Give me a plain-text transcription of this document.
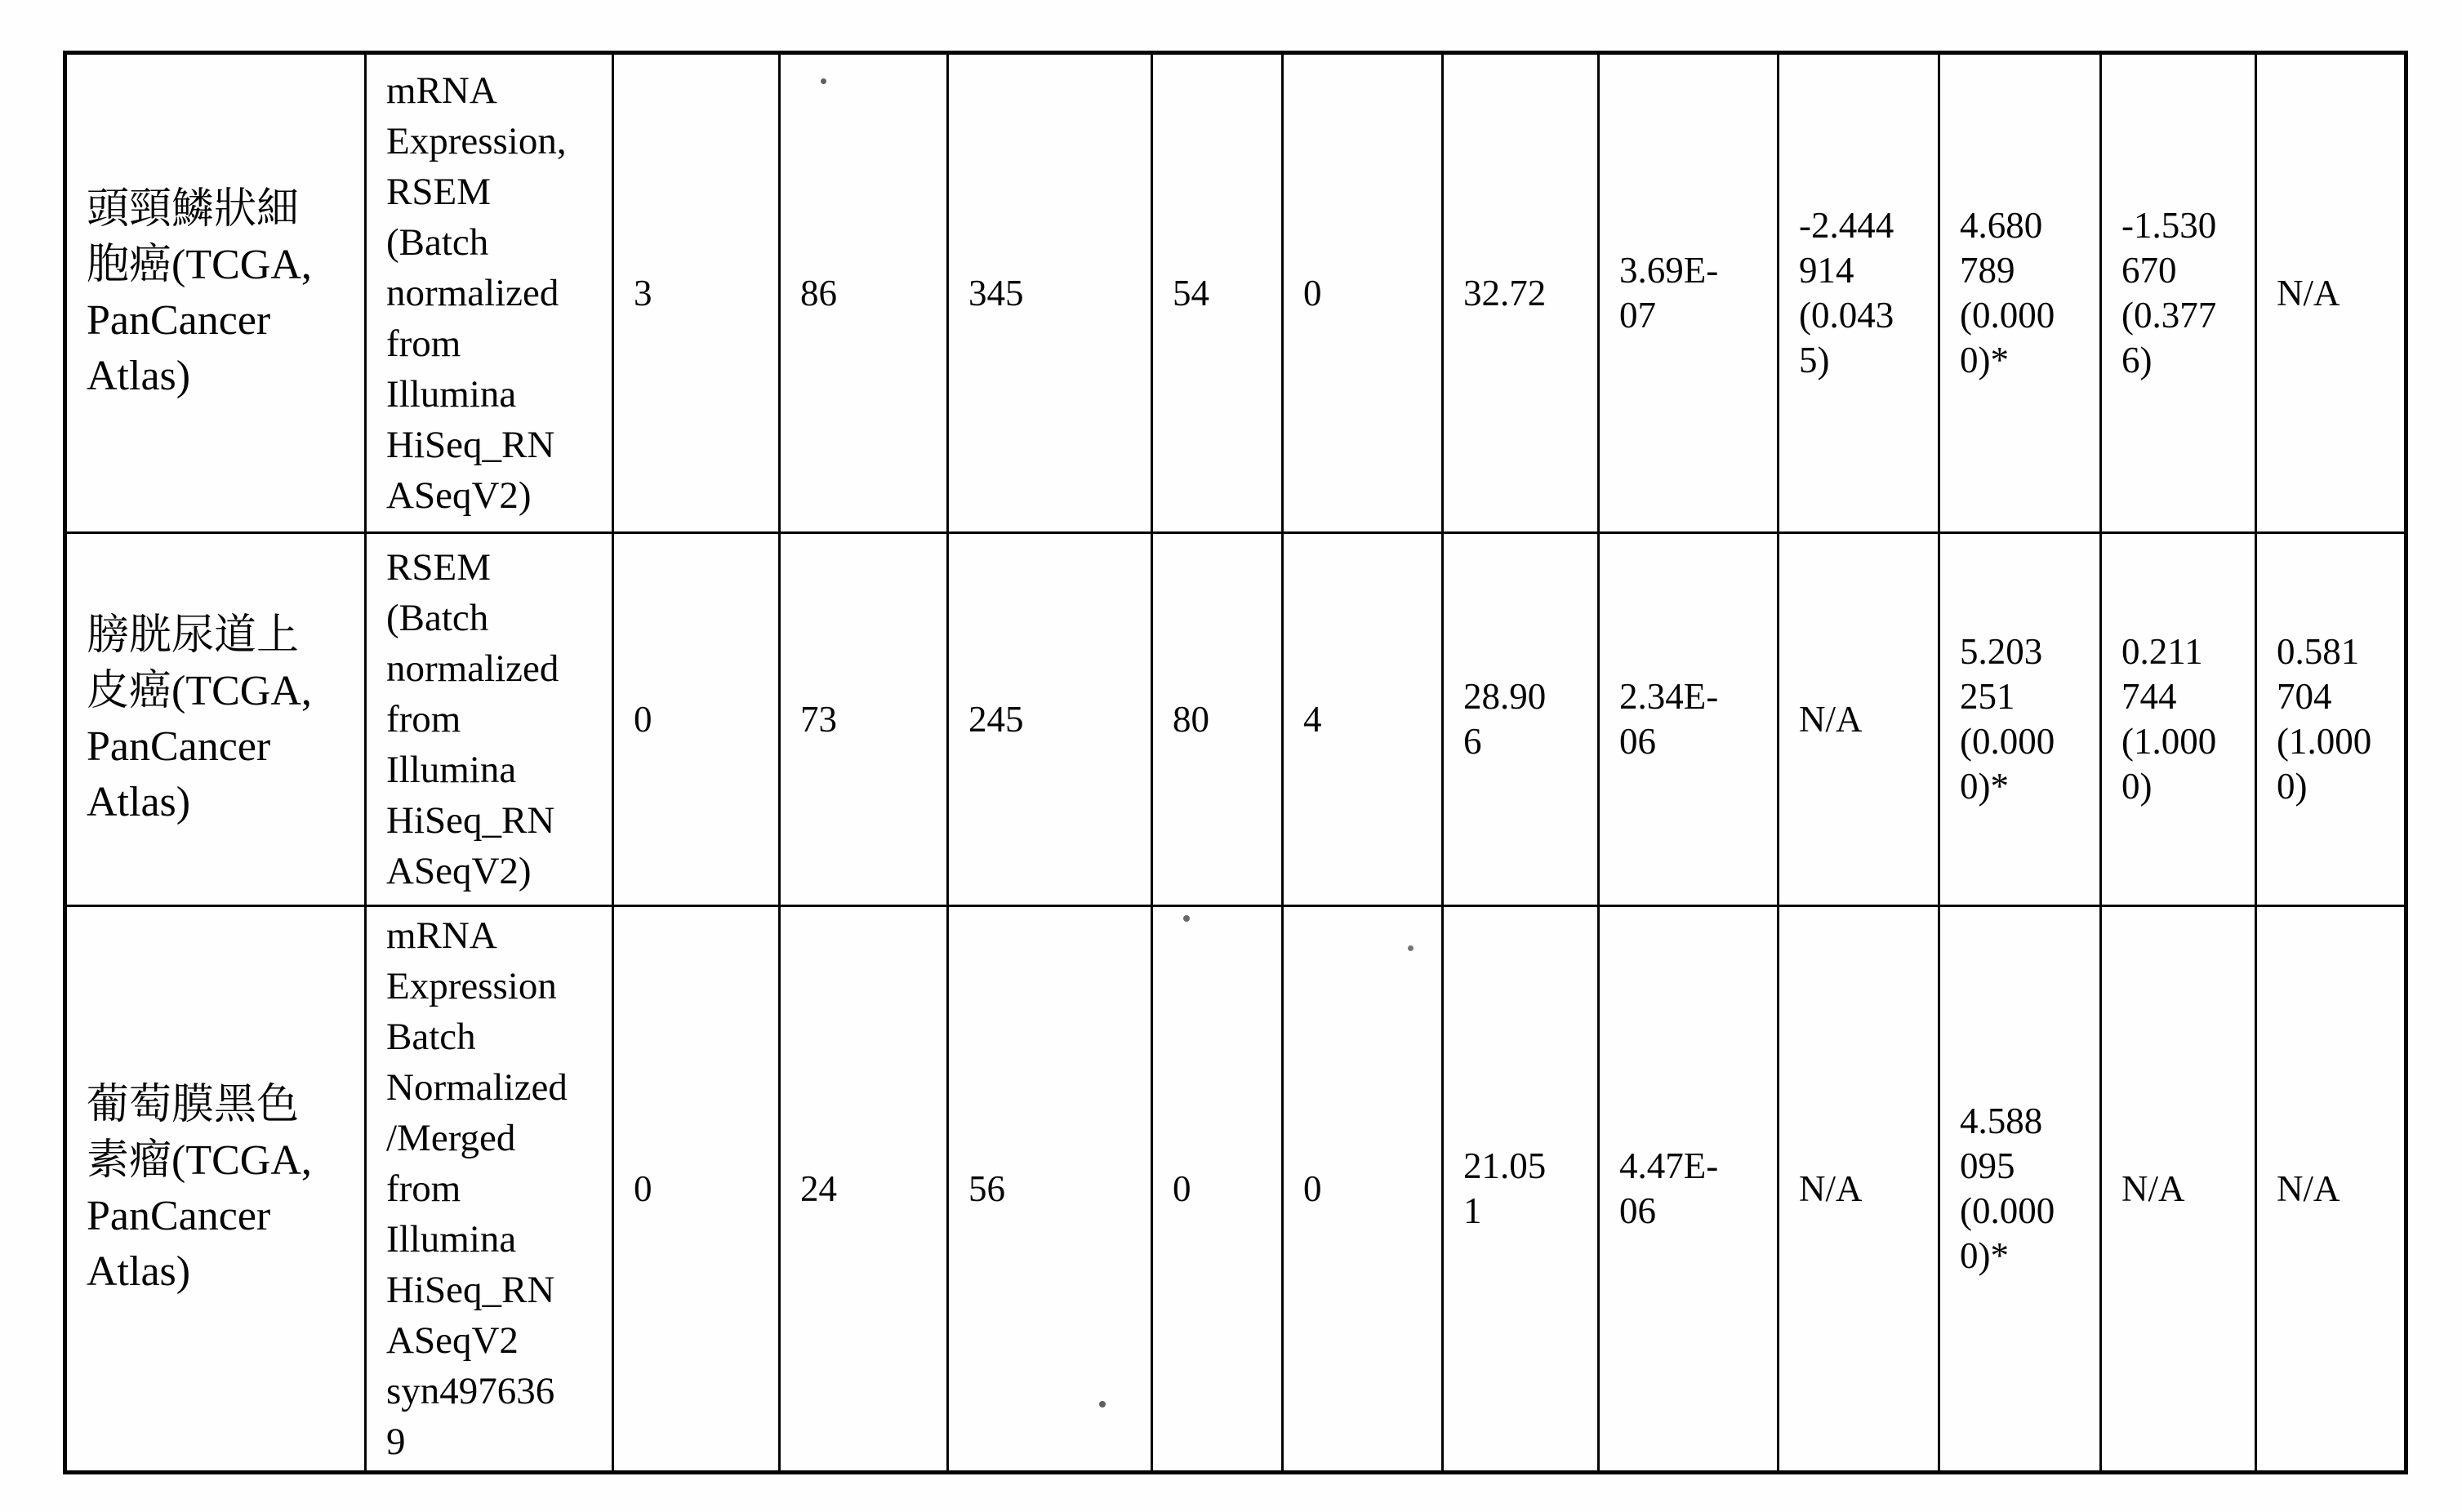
頭頸鱗狀細
胞癌(TCGA,
PanCancer
Atlas)	mRNA
Expression,
RSEM
(Batch
normalized
from
Illumina
HiSeq_RN
ASeqV2)	3	86	345	54	0	32.72	3.69E-
07	-2.444
914
(0.043
5)	4.680
789
(0.000
0)*	-1.530
670
(0.377
6)	N/A
膀胱尿道上
皮癌(TCGA,
PanCancer
Atlas)	RSEM
(Batch
normalized
from
Illumina
HiSeq_RN
ASeqV2)	0	73	245	80	4	28.90
6	2.34E-
06	N/A	5.203
251
(0.000
0)*	0.211
744
(1.000
0)	0.581
704
(1.000
0)
葡萄膜黑色
素瘤(TCGA,
PanCancer
Atlas)	mRNA
Expression
Batch
Normalized
/Merged
from
Illumina
HiSeq_RN
ASeqV2
syn497636
9	0	24	56	0	0	21.05
1	4.47E-
06	N/A	4.588
095
(0.000
0)*	N/A	N/A
